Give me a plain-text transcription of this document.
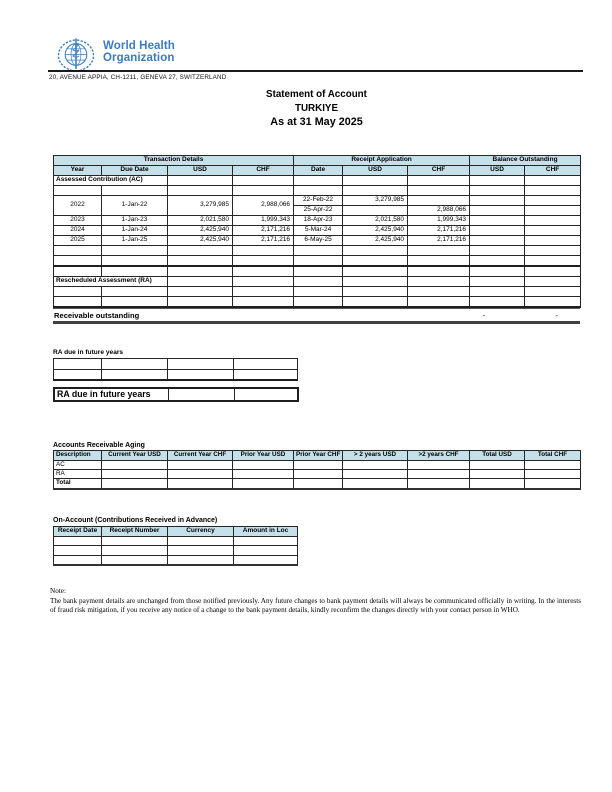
World Health
Organization
20, AVENUE APPIA, CH-1211, GENEVA 27, SWITZERLAND
Statement of Account
TURKIYE
As at 31 May 2025
Transaction Details				Receipt Application			Balance Outstanding	
Year	Due Date	USD	CHF	Date	USD	CHF	USD	CHF
Assessed Contribution (AC)								

2022	1-Jan-22	3,279,985	2,988,066	22-Feb-22	3,279,985			
				25-Apr-22		2,988,066		
2023	1-Jan-23	2,021,580	1,999,343	18-Apr-23	2,021,580	1,999,343		
2024	1-Jan-24	2,425,940	2,171,216	5-Mar-24	2,425,940	2,171,216		
2025	1-Jan-25	2,425,940	2,171,216	6-May-25	2,425,940	2,171,216		

Rescheduled Assessment (RA)								

Receivable outstanding	-	-
RA due in future years

RA due in future years		
Accounts Receivable Aging
Description	Current Year USD	Current Year CHF	Prior Year USD	Prior Year CHF	> 2 years USD	>2 years CHF	Total USD	Total CHF
AC								
RA								
Total								
On-Account (Contributions Received in Advance)
Receipt Date	Receipt Number	Currency	Amount in Loc

Note:
The bank payment details are unchanged from those notified previously. Any future changes to bank payment details will always be communicated officially in writing. In the interests of fraud risk mitigation, if you receive any notice of a change to the bank payment details, kindly reconfirm the changes directly with your contact person in WHO.
